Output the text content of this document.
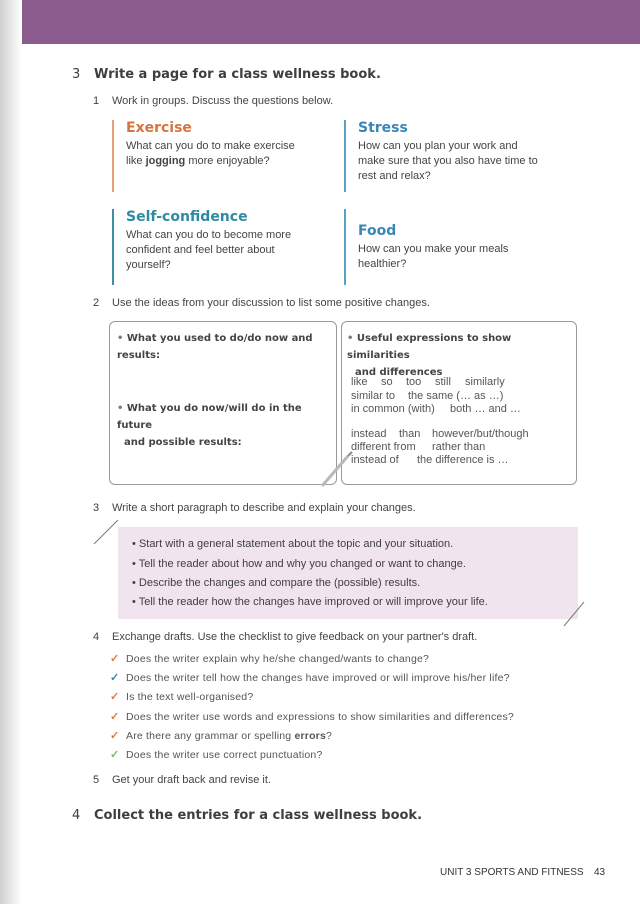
3 Write a page for a class wellness book.
1 Work in groups. Discuss the questions below.
Exercise
What can you do to make exercise like jogging more enjoyable?
Stress
How can you plan your work and make sure that you also have time to rest and relax?
Self-confidence
What can you do to become more confident and feel better about yourself?
Food
How can you make your meals healthier?
2 Use the ideas from your discussion to list some positive changes.
• What you used to do/do now and results:
• What you do now/will do in the future
and possible results:
• Useful expressions to show similarities
and differences
like so too still similarly
similar to the same (… as …)
in common (with) both … and …
instead than however/but/though
different from rather than
instead of the difference is …
3 Write a short paragraph to describe and explain your changes.
• Start with a general statement about the topic and your situation.
• Tell the reader about how and why you changed or want to change.
• Describe the changes and compare the (possible) results.
• Tell the reader how the changes have improved or will improve your life.
4 Exchange drafts. Use the checklist to give feedback on your partner's draft.
✓ Does the writer explain why he/she changed/wants to change?
✓ Does the writer tell how the changes have improved or will improve his/her life?
✓ Is the text well-organised?
✓ Does the writer use words and expressions to show similarities and differences?
✓ Are there any grammar or spelling errors?
✓ Does the writer use correct punctuation?
5 Get your draft back and revise it.
4 Collect the entries for a class wellness book.
UNIT 3 SPORTS AND FITNESS 43
